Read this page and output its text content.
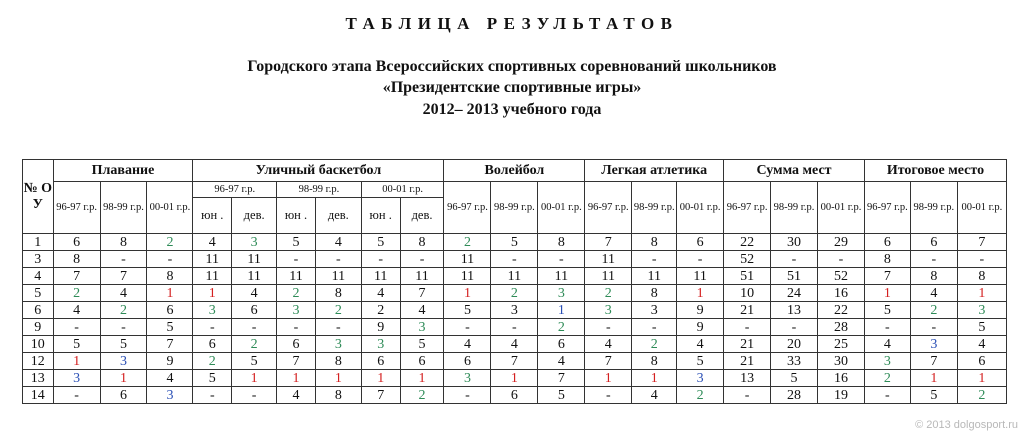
ТАБЛИЦА РЕЗУЛЬТАТОВ
Городского этапа Всероссийских спортивных соревнований школьников
«Президентские спортивные игры»
2012– 2013 учебного года
№ О У	Плавание			Уличный баскетбол						Волейбол			Легкая атлетика			Сумма мест			Итоговое место		
	96-97 г.р.	98-99 г.р.	00-01 г.р.	96-97 г.р.		98-99 г.р.		00-01 г.р.		96-97 г.р.	98-99 г.р.	00-01 г.р.	96-97 г.р.	98-99 г.р.	00-01 г.р.	96-97 г.р.	98-99 г.р.	00-01 г.р.	96-97 г.р.	98-99 г.р.	00-01 г.р.
				юн .	дев.	юн .	дев.	юн .	дев.												
1	6	8	2	4	3	5	4	5	8	2	5	8	7	8	6	22	30	29	6	6	7
3	8	-	-	11	11	-	-	-	-	11	-	-	11	-	-	52	-	-	8	-	-
4	7	7	8	11	11	11	11	11	11	11	11	11	11	11	11	51	51	52	7	8	8
5	2	4	1	1	4	2	8	4	7	1	2	3	2	8	1	10	24	16	1	4	1
6	4	2	6	3	6	3	2	2	4	5	3	1	3	3	9	21	13	22	5	2	3
9	-	-	5	-	-	-	-	9	3	-	-	2	-	-	9	-	-	28	-	-	5
10	5	5	7	6	2	6	3	3	5	4	4	6	4	2	4	21	20	25	4	3	4
12	1	3	9	2	5	7	8	6	6	6	7	4	7	8	5	21	33	30	3	7	6
13	3	1	4	5	1	1	1	1	1	3	1	7	1	1	3	13	5	16	2	1	1
14	-	6	3	-	-	4	8	7	2	-	6	5	-	4	2	-	28	19	-	5	2
© 2013 dolgosport.ru
